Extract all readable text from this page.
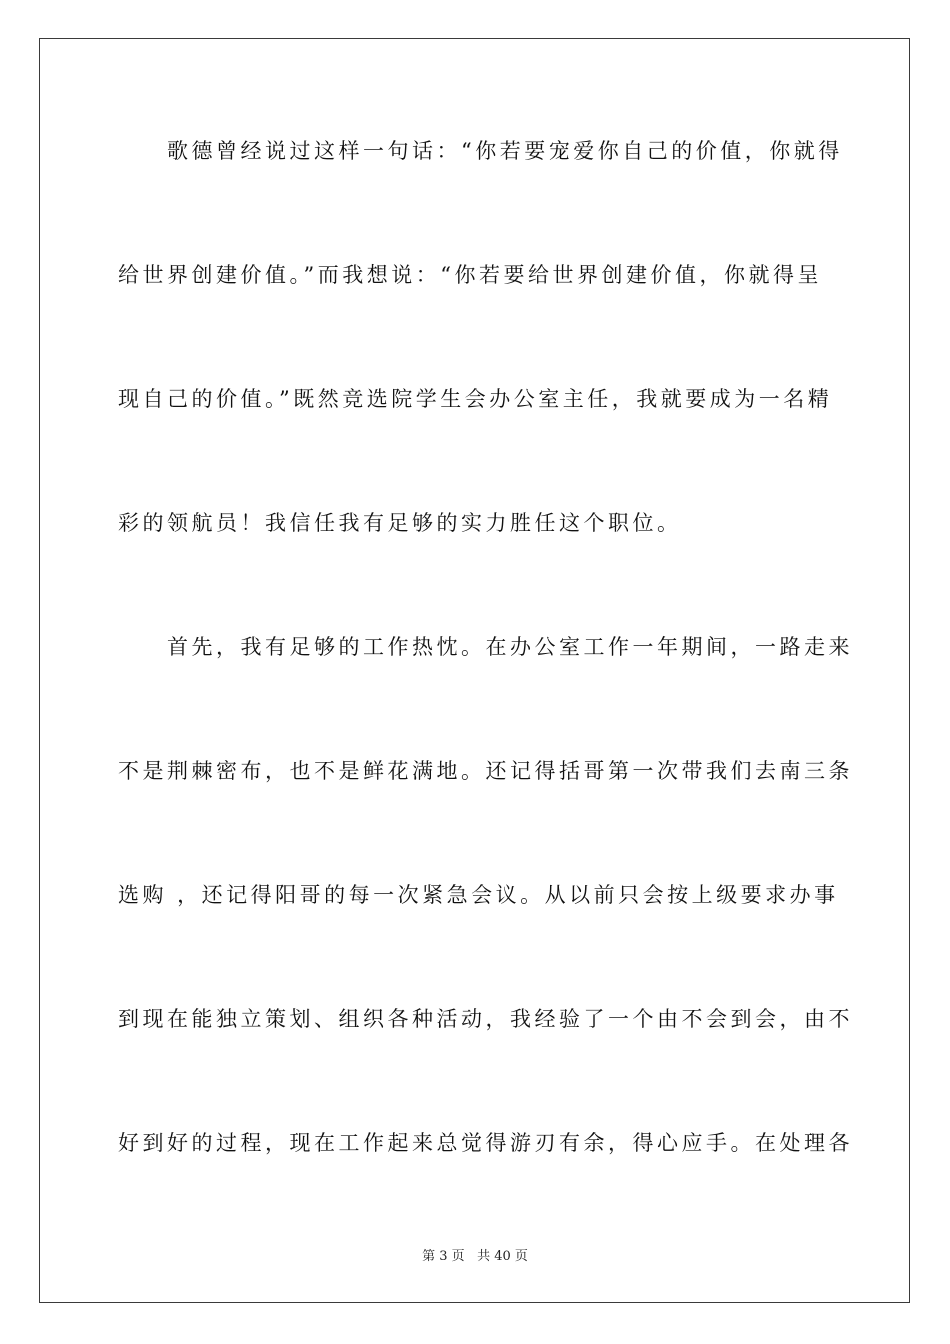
　　歌德曾经说过这样一句话：“你若要宠爱你自己的价值，你就得
给世界创建价值。”而我想说：“你若要给世界创建价值，你就得呈
现自己的价值。”既然竞选院学生会办公室主任，我就要成为一名精
彩的领航员！我信任我有足够的实力胜任这个职位。
　　首先，我有足够的工作热忱。在办公室工作一年期间，一路走来
不是荆棘密布，也不是鲜花满地。还记得括哥第一次带我们去南三条
选购 ，还记得阳哥的每一次紧急会议。从以前只会按上级要求办事
到现在能独立策划、组织各种活动，我经验了一个由不会到会，由不
好到好的过程，现在工作起来总觉得游刃有余，得心应手。在处理各
第 3 页 共 40 页
